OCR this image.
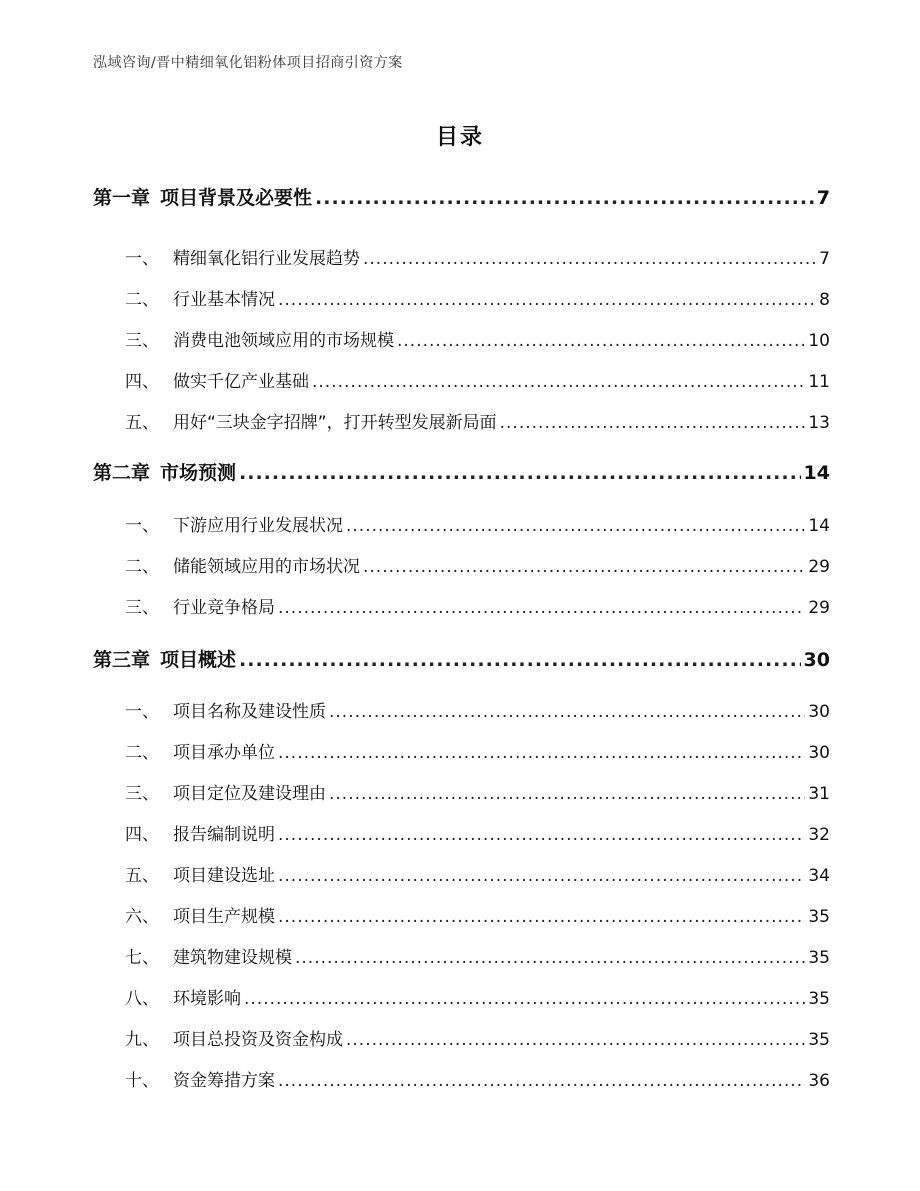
泓域咨询/晋中精细氧化铝粉体项目招商引资方案
目录
第一章 项目背景及必要性 .....	7
一、 精细氧化铝行业发展趋势 .....	7
二、 行业基本情况 .....	8
三、 消费电池领域应用的市场规模 .....	10
四、 做实千亿产业基础 .....	11
五、 用好“三块金字招牌”，打开转型发展新局面 .....	13
第二章 市场预测 .....	14
一、 下游应用行业发展状况 .....	14
二、 储能领域应用的市场状况 .....	29
三、 行业竞争格局 .....	29
第三章 项目概述 .....	30
一、 项目名称及建设性质 .....	30
二、 项目承办单位 .....	30
三、 项目定位及建设理由 .....	31
四、 报告编制说明 .....	32
五、 项目建设选址 .....	34
六、 项目生产规模 .....	35
七、 建筑物建设规模 .....	35
八、 环境影响 .....	35
九、 项目总投资及资金构成 .....	35
十、 资金筹措方案 .....	36
